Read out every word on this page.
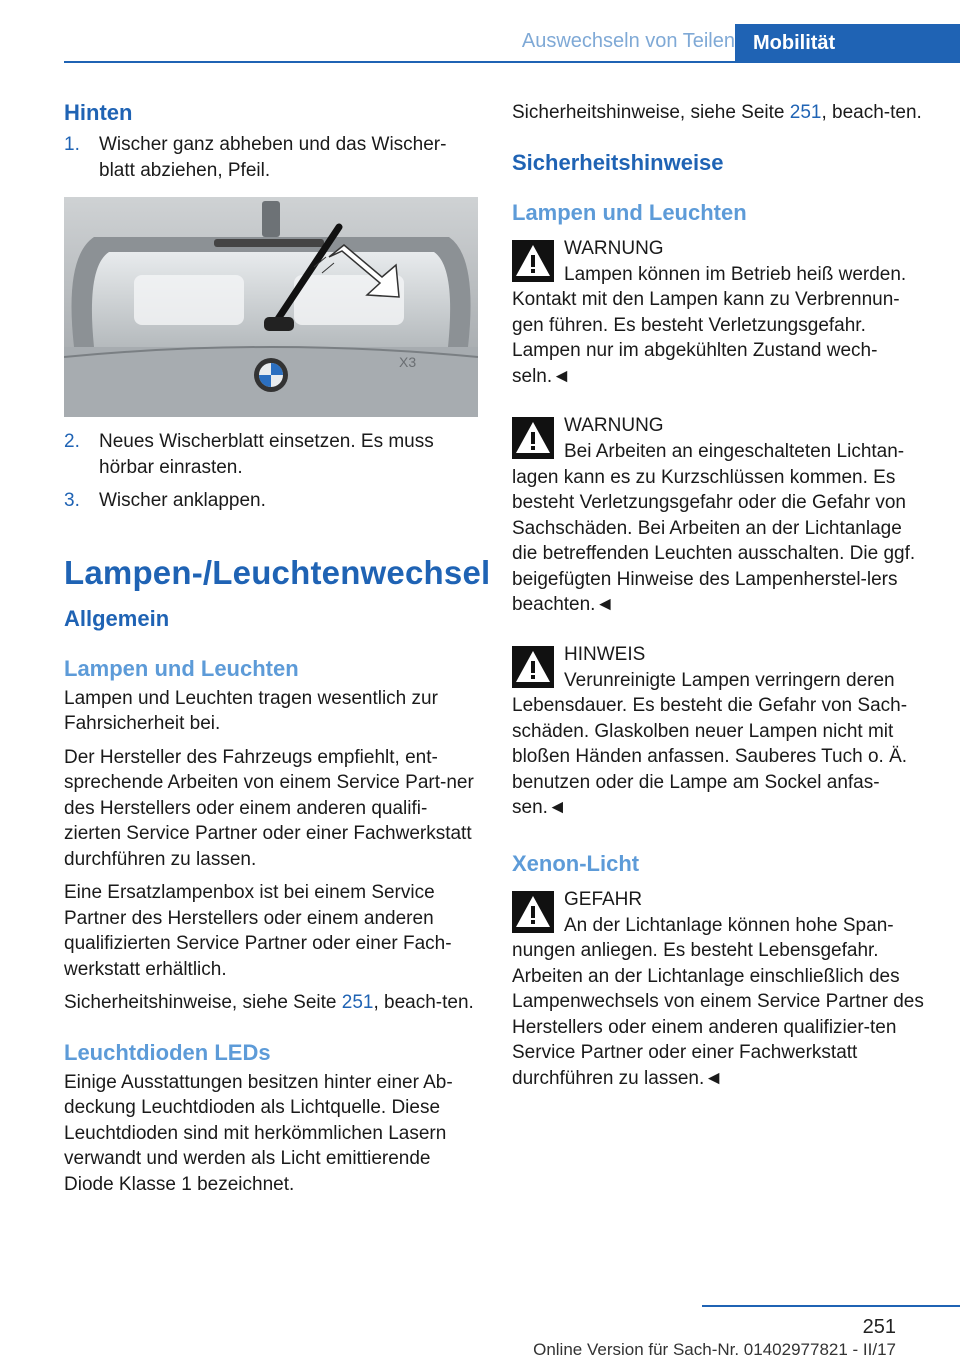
Auswechseln von Teilen Mobilität
Hinten
1. Wischer ganz abheben und das Wischer-blatt abziehen, Pfeil.
X3
2. Neues Wischerblatt einsetzen. Es muss hörbar einrasten.
3. Wischer anklappen.
Lampen-/Leuchtenwechsel
Allgemein
Lampen und Leuchten

Lampen und Leuchten tragen wesentlich zur Fahrsicherheit bei.

Der Hersteller des Fahrzeugs empfiehlt, ent-sprechende Arbeiten von einem Service Part-ner des Herstellers oder einem anderen qualifi-zierten Service Partner oder einer Fachwerkstatt durchführen zu lassen.

Eine Ersatzlampenbox ist bei einem Service Partner des Herstellers oder einem anderen qualifizierten Service Partner oder einer Fach-werkstatt erhältlich.

Sicherheitshinweise, siehe Seite 251, beach-ten.

Leuchtdioden LEDs

Einige Ausstattungen besitzen hinter einer Ab-deckung Leuchtdioden als Lichtquelle. Diese Leuchtdioden sind mit herkömmlichen Lasern verwandt und werden als Licht emittierende Diode Klasse 1 bezeichnet.

Sicherheitshinweise, siehe Seite 251, beach-ten.

Sicherheitshinweise
Lampen und Leuchten
WARNUNG
Lampen können im Betrieb heiß werden.
Kontakt mit den Lampen kann zu Verbrennun-gen führen. Es besteht Verletzungsgefahr. Lampen nur im abgekühlten Zustand wech-seln.◄
WARNUNG
Bei Arbeiten an eingeschalteten Lichtan-
lagen kann es zu Kurzschlüssen kommen. Es besteht Verletzungsgefahr oder die Gefahr von Sachschäden. Bei Arbeiten an der Lichtanlage die betreffenden Leuchten ausschalten. Die ggf. beigefügten Hinweise des Lampenherstel-lers beachten.◄
HINWEIS
Verunreinigte Lampen verringern deren
Lebensdauer. Es besteht die Gefahr von Sach-schäden. Glaskolben neuer Lampen nicht mit bloßen Händen anfassen. Sauberes Tuch o. Ä. benutzen oder die Lampe am Sockel anfas-sen.◄
Xenon-Licht
GEFAHR
An der Lichtanlage können hohe Span-
nungen anliegen. Es besteht Lebensgefahr. Arbeiten an der Lichtanlage einschließlich des Lampenwechsels von einem Service Partner des Herstellers oder einem anderen qualifizier-ten Service Partner oder einer Fachwerkstatt durchführen zu lassen.◄
251
Online Version für Sach-Nr. 01402977821 - II/17
